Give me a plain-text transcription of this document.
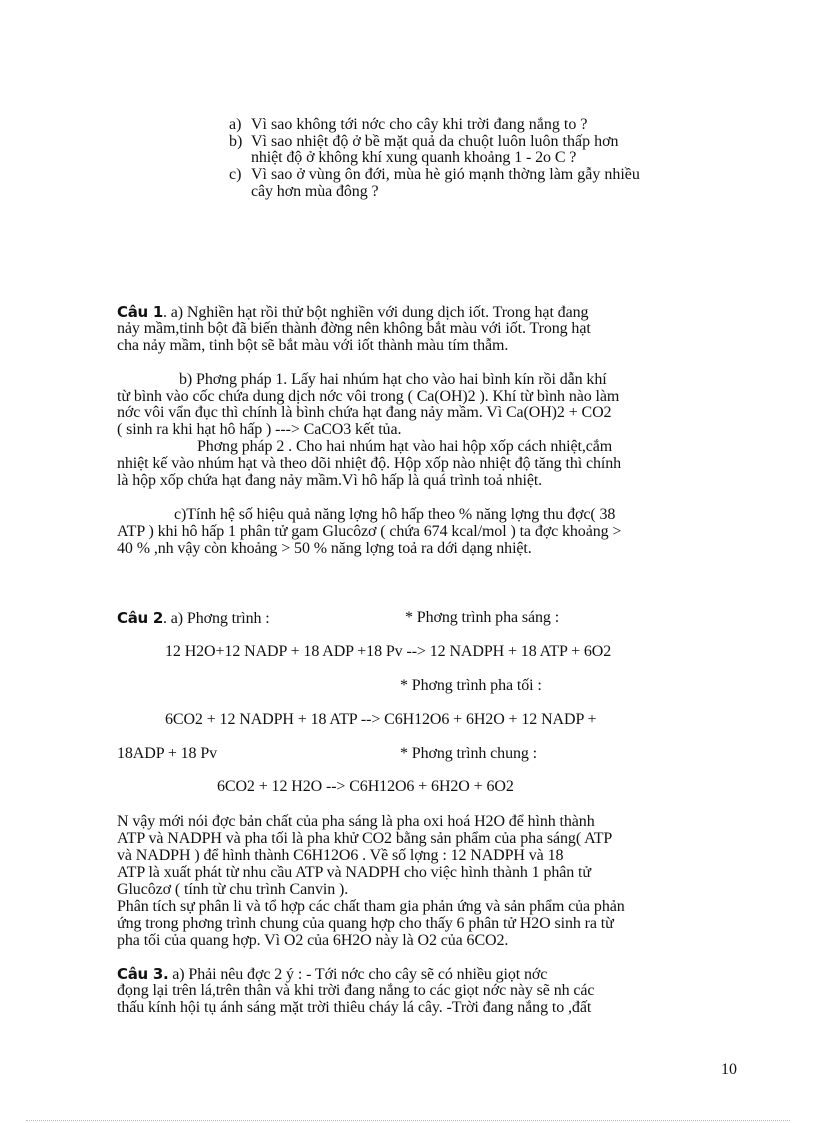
a) Vì sao không tới nớc cho cây khi trời đang nắng to ?
b) Vì sao nhiệt độ ở bề mặt quả da chuột luôn luôn thấp hơn
nhiệt độ ở không khí xung quanh khoảng 1 - 2o C ?
c) Vì sao ở vùng ôn đới, mùa hè gió mạnh thờng làm gẫy nhiều
cây hơn mùa đông ?
Câu 1. a) Nghiền hạt rồi thử bột nghiền với dung dịch iốt. Trong hạt đang
nảy mầm,tinh bột đã biến thành đờng nên không bắt màu với iốt. Trong hạt
cha nảy mầm, tinh bột sẽ bắt màu với iốt thành màu tím thẫm.
b) Phơng pháp 1. Lấy hai nhúm hạt cho vào hai bình kín rồi dẫn khí
từ bình vào cốc chứa dung dịch nớc vôi trong ( Ca(OH)2 ). Khí từ bình nào làm
nớc vôi vẩn đục thì chính là bình chứa hạt đang nảy mầm. Vì Ca(OH)2 + CO2
( sinh ra khi hạt hô hấp ) ---> CaCO3 kết tủa.
Phơng pháp 2 . Cho hai nhúm hạt vào hai hộp xốp cách nhiệt,cắm
nhiệt kế vào nhúm hạt và theo dõi nhiệt độ. Hộp xốp nào nhiệt độ tăng thì chính
là hộp xốp chứa hạt đang nảy mầm.Vì hô hấp là quá trình toả nhiệt.
c)Tính hệ số hiệu quả năng lợng hô hấp theo % năng lợng thu đợc( 38
ATP ) khi hô hấp 1 phân tử gam Glucôzơ ( chứa 674 kcal/mol ) ta đợc khoảng >
40 % ,nh vậy còn khoảng > 50 % năng lợng toả ra dới dạng nhiệt.
Câu 2. a) Phơng trình :	* Phơng trình pha sáng :
12 H2O+12 NADP + 18 ADP +18 Pv --> 12 NADPH + 18 ATP + 6O2
* Phơng trình pha tối :
6CO2 + 12 NADPH + 18 ATP --> C6H12O6 + 6H2O + 12 NADP +
18ADP + 18 Pv	* Phơng trình chung :
6CO2 + 12 H2O --> C6H12O6 + 6H2O + 6O2
N vậy mới nói đợc bản chất của pha sáng là pha oxi hoá H2O để hình thành
ATP và NADPH và pha tối là pha khử CO2 bằng sản phẩm của pha sáng( ATP
và NADPH ) để hình thành C6H12O6 . Về số lợng : 12 NADPH và 18
ATP là xuất phát từ nhu cầu ATP và NADPH cho việc hình thành 1 phân tử
Glucôzơ ( tính từ chu trình Canvin ).
Phân tích sự phân li và tổ hợp các chất tham gia phản ứng và sản phẩm của phản
ứng trong phơng trình chung của quang hợp cho thấy 6 phân tử H2O sinh ra từ
pha tối của quang hợp. Vì O2 của 6H2O này là O2 của 6CO2.
Câu 3. a) Phải nêu đợc 2 ý : - Tới nớc cho cây sẽ có nhiều giọt nớc
đọng lại trên lá,trên thân và khi trời đang nắng to các giọt nớc này sẽ nh các
thấu kính hội tụ ánh sáng mặt trời thiêu cháy lá cây. -Trời đang nắng to ,đất
10
